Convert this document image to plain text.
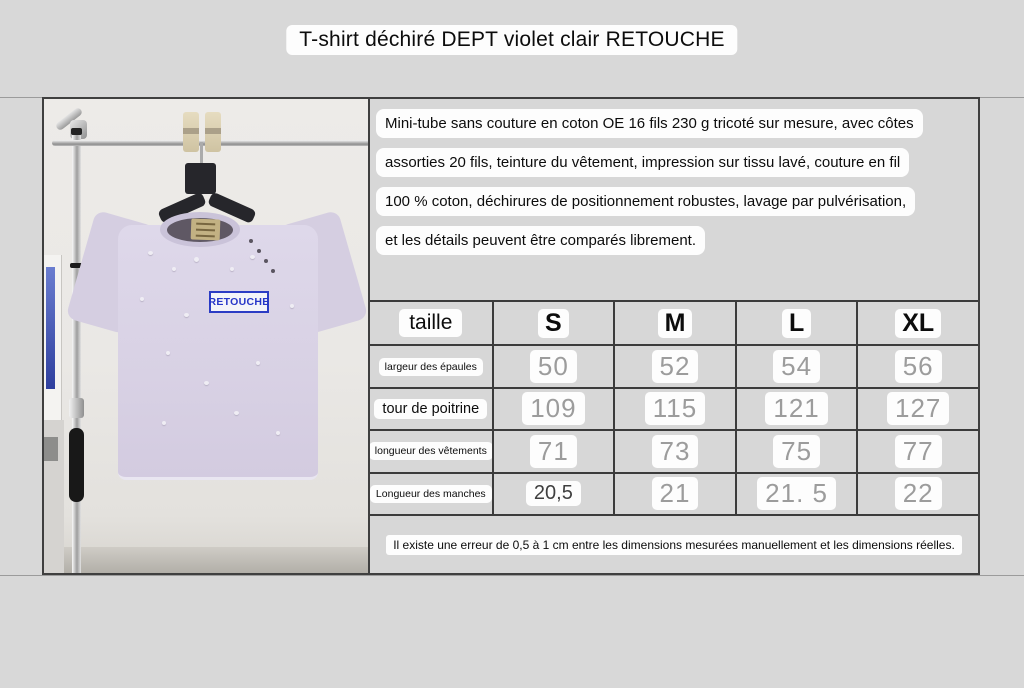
T-shirt déchiré DEPT violet clair RETOUCHE
RETOUCHE
Mini-tube sans couture en coton OE 16 fils 230 g tricoté sur mesure, avec côtes
assorties 20 fils, teinture du vêtement, impression sur tissu lavé, couture en fil
100 % coton, déchirures de positionnement robustes, lavage par pulvérisation,
et les détails peuvent être comparés librement.
taille	S	M	L	XL
largeur des épaules	50	52	54	56
tour de poitrine	109	115	121	127
longueur des vêtements	71	73	75	77
Longueur des manches	20,5	21	21. 5	22
Il existe une erreur de 0,5 à 1 cm entre les dimensions mesurées manuellement et les dimensions réelles.
